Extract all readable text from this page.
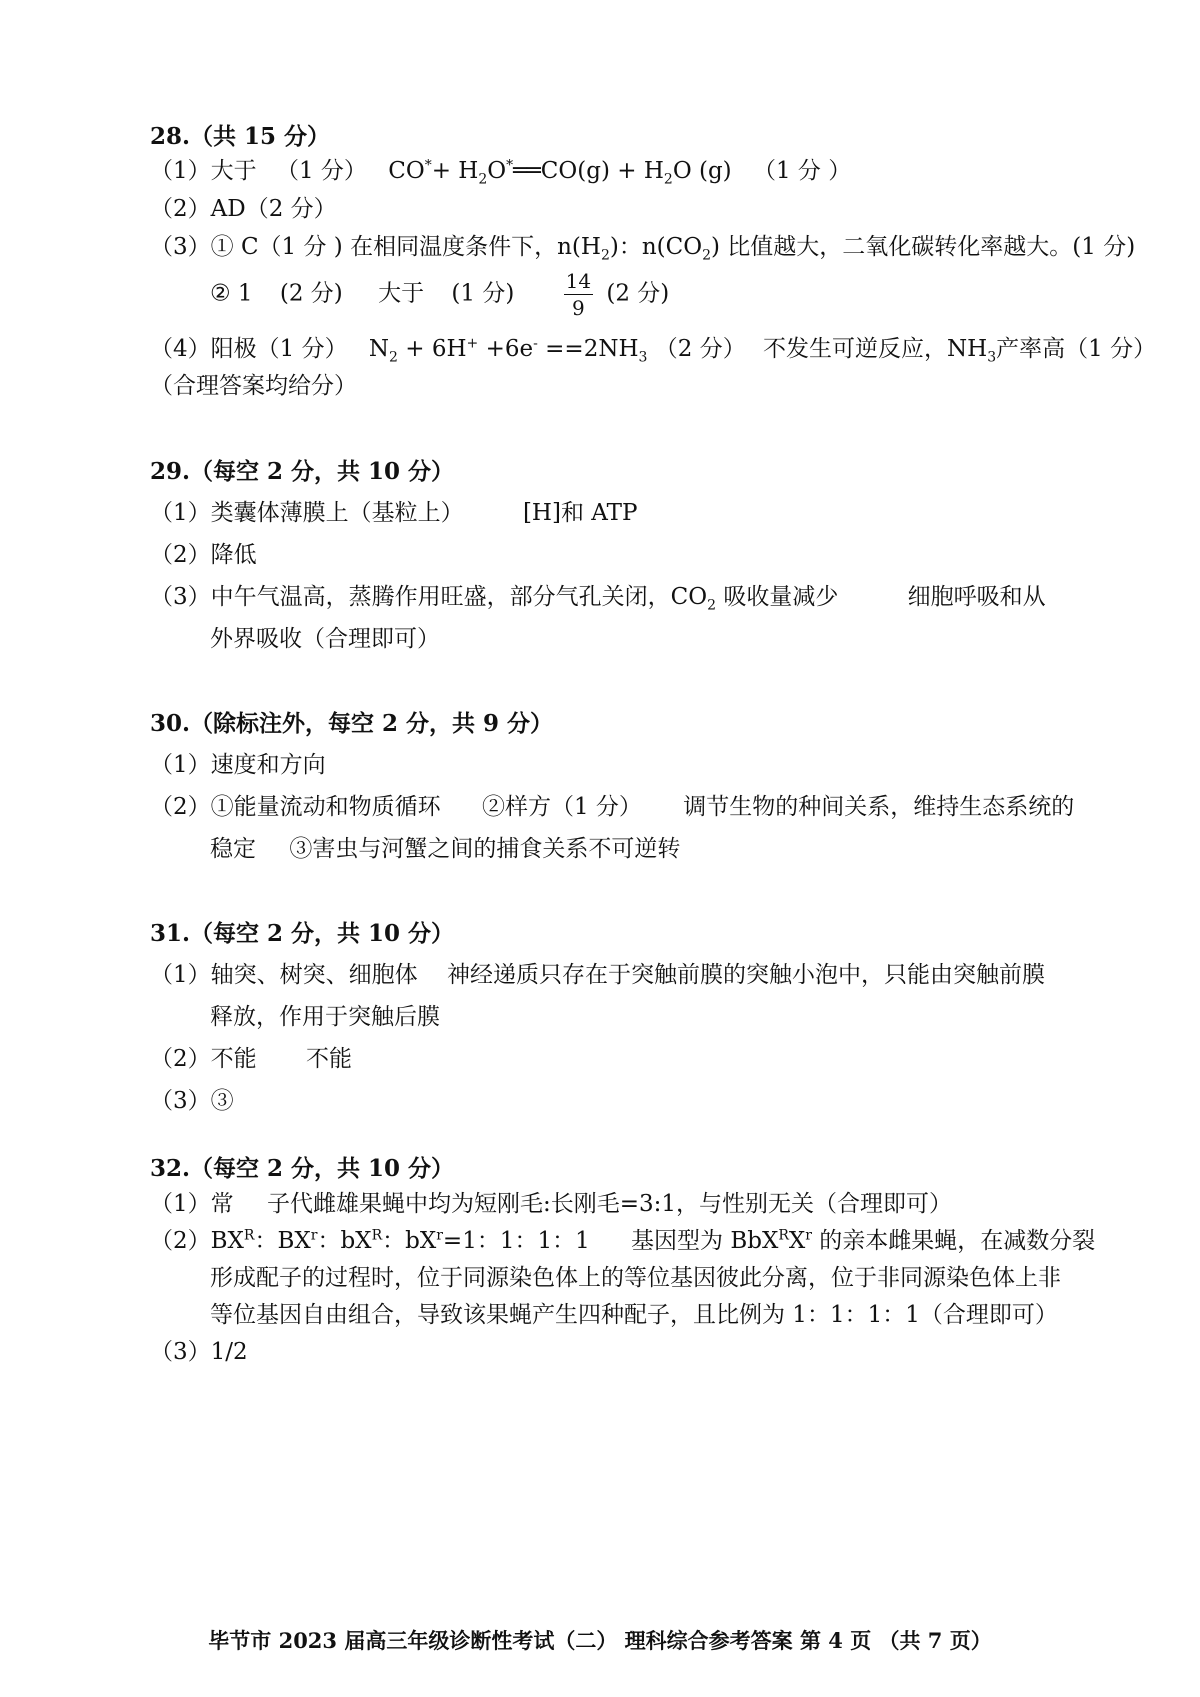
28.（共 15 分）
（1）大于 （1 分） $CO^*+ H_2O^*══CO(g) + H_2O$ (g) （1 分 ）
（2）AD（2 分）
（3）① C（1 分 ) 在相同温度条件下，$n(H_2)$：$n(CO_2)$ 比值越大，二氧化碳转化率越大。(1 分)
② 1 (2 分) 大于 (1 分) $\frac{14}{9} (2$ 分)
（4）阳极（1 分） $N_2 + 6H^+ +6e^- ==2NH_3$ （2 分） 不发生可逆反应，$NH_3$产率高（1 分）
（合理答案均给分）
29.（每空 2 分，共 10 分）
（1）类囊体薄膜上（基粒上）	[H]和 ATP
（2）降低
（3）中午气温高，蒸腾作用旺盛，部分气孔关闭，$CO_2$ 吸收量减少	细胞呼吸和从
外界吸收（合理即可）
30.（除标注外，每空 2 分，共 9 分）
（1）速度和方向
（2）①能量流动和物质循环 ②样方（1 分） 调节生物的种间关系，维持生态系统的
稳定 ③害虫与河蟹之间的捕食关系不可逆转
31.（每空 2 分，共 10 分）
（1）轴突、树突、细胞体 神经递质只存在于突触前膜的突触小泡中，只能由突触前膜
释放，作用于突触后膜
（2）不能 不能
（3）③
32.（每空 2 分，共 10 分）
（1）常 子代雌雄果蝇中均为短刚毛:长刚毛=3:1，与性别无关（合理即可）
$(2)BX^R$：$BX^r$：$bX^R$：$bX^r=1$：1：1：1 基因型为 $BbX^RX^r$ 的亲本雌果蝇，在减数分裂
形成配子的过程时，位于同源染色体上的等位基因彼此分离，位于非同源染色体上非
等位基因自由组合，导致该果蝇产生四种配子，且比例为 1：1：1：1（合理即可）
（3）1/2
毕节市 2023 届高三年级诊断性考试（二） 理科综合参考答案 第 4 页 （共 7 页）
